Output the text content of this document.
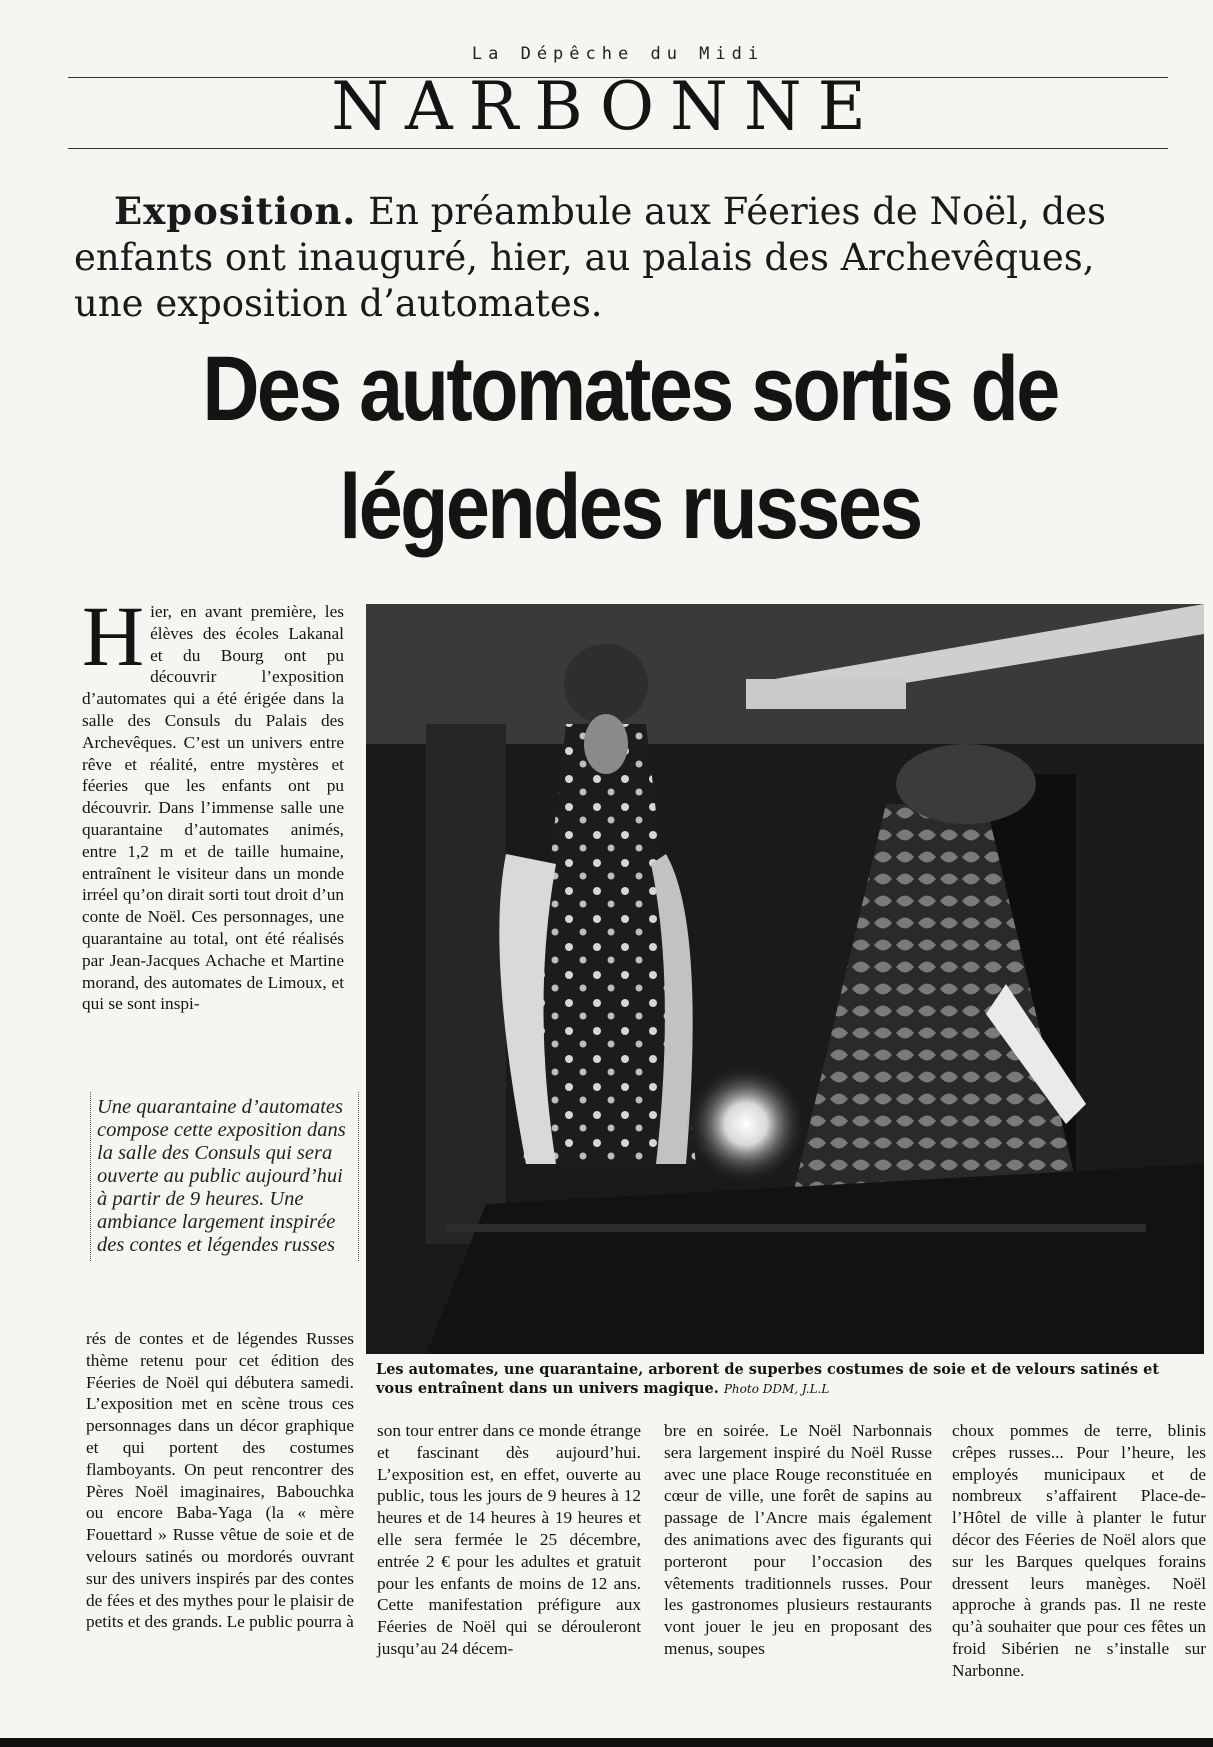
La Dépêche du Midi
NARBONNE
Exposition. En préambule aux Féeries de Noël, des enfants ont inauguré, hier, au palais des Archevêques, une exposition d’automates.
Des automates sortis de légendes russes
H ier, en avant première, les élèves des écoles Lakanal et du Bourg ont pu découvrir l’exposition d’automates qui a été érigée dans la salle des Consuls du Palais des Archevêques. C’est un univers entre rêve et réalité, entre mystères et féeries que les enfants ont pu découvrir. Dans l’immense salle une quarantaine d’automates animés, entre 1,2 m et de taille humaine, entraînent le visiteur dans un monde irréel qu’on dirait sorti tout droit d’un conte de Noël. Ces personnages, une quarantaine au total, ont été réalisés par Jean-Jacques Achache et Martine morand, des automates de Limoux, et qui se sont inspi-
Une quarantaine d’automates compose cette exposition dans la salle des Consuls qui sera ouverte au public aujourd’hui à partir de 9 heures. Une ambiance largement inspirée des contes et légendes russes
rés de contes et de légendes Russes thème retenu pour cet édition des Féeries de Noël qui débutera samedi. L’exposition met en scène trous ces personnages dans un décor graphique et qui portent des costumes flamboyants. On peut rencontrer des Pères Noël imaginaires, Babouchka ou encore Baba-Yaga (la « mère Fouettard » Russe vêtue de soie et de velours satinés ou mordorés ouvrant sur des univers inspirés par des contes de fées et des mythes pour le plaisir de petits et des grands. Le public pourra à
son tour entrer dans ce monde étrange et fascinant dès aujourd’hui. L’exposition est, en effet, ouverte au public, tous les jours de 9 heures à 12 heures et de 14 heures à 19 heures et elle sera fermée le 25 décembre, entrée 2 € pour les adultes et gratuit pour les enfants de moins de 12 ans. Cette manifestation préfigure aux Féeries de Noël qui se dérouleront jusqu’au 24 décem-
bre en soirée. Le Noël Narbonnais sera largement inspiré du Noël Russe avec une place Rouge reconstituée en cœur de ville, une forêt de sapins au passage de l’Ancre mais également des animations avec des figurants qui porteront pour l’occasion des vêtements traditionnels russes. Pour les gastronomes plusieurs restaurants vont jouer le jeu en proposant des menus, soupes
choux pommes de terre, blinis crêpes russes... Pour l’heure, les employés municipaux et de nombreux s’affairent Place-de-l’Hôtel de ville à planter le futur décor des Féeries de Noël alors que sur les Barques quelques forains dressent leurs manèges. Noël approche à grands pas. Il ne reste qu’à souhaiter que pour ces fêtes un froid Sibérien ne s’installe sur Narbonne.
Les automates, une quarantaine, arborent de superbes costumes de soie et de velours satinés et vous entraînent dans un univers magique. Photo DDM, J.L.L
